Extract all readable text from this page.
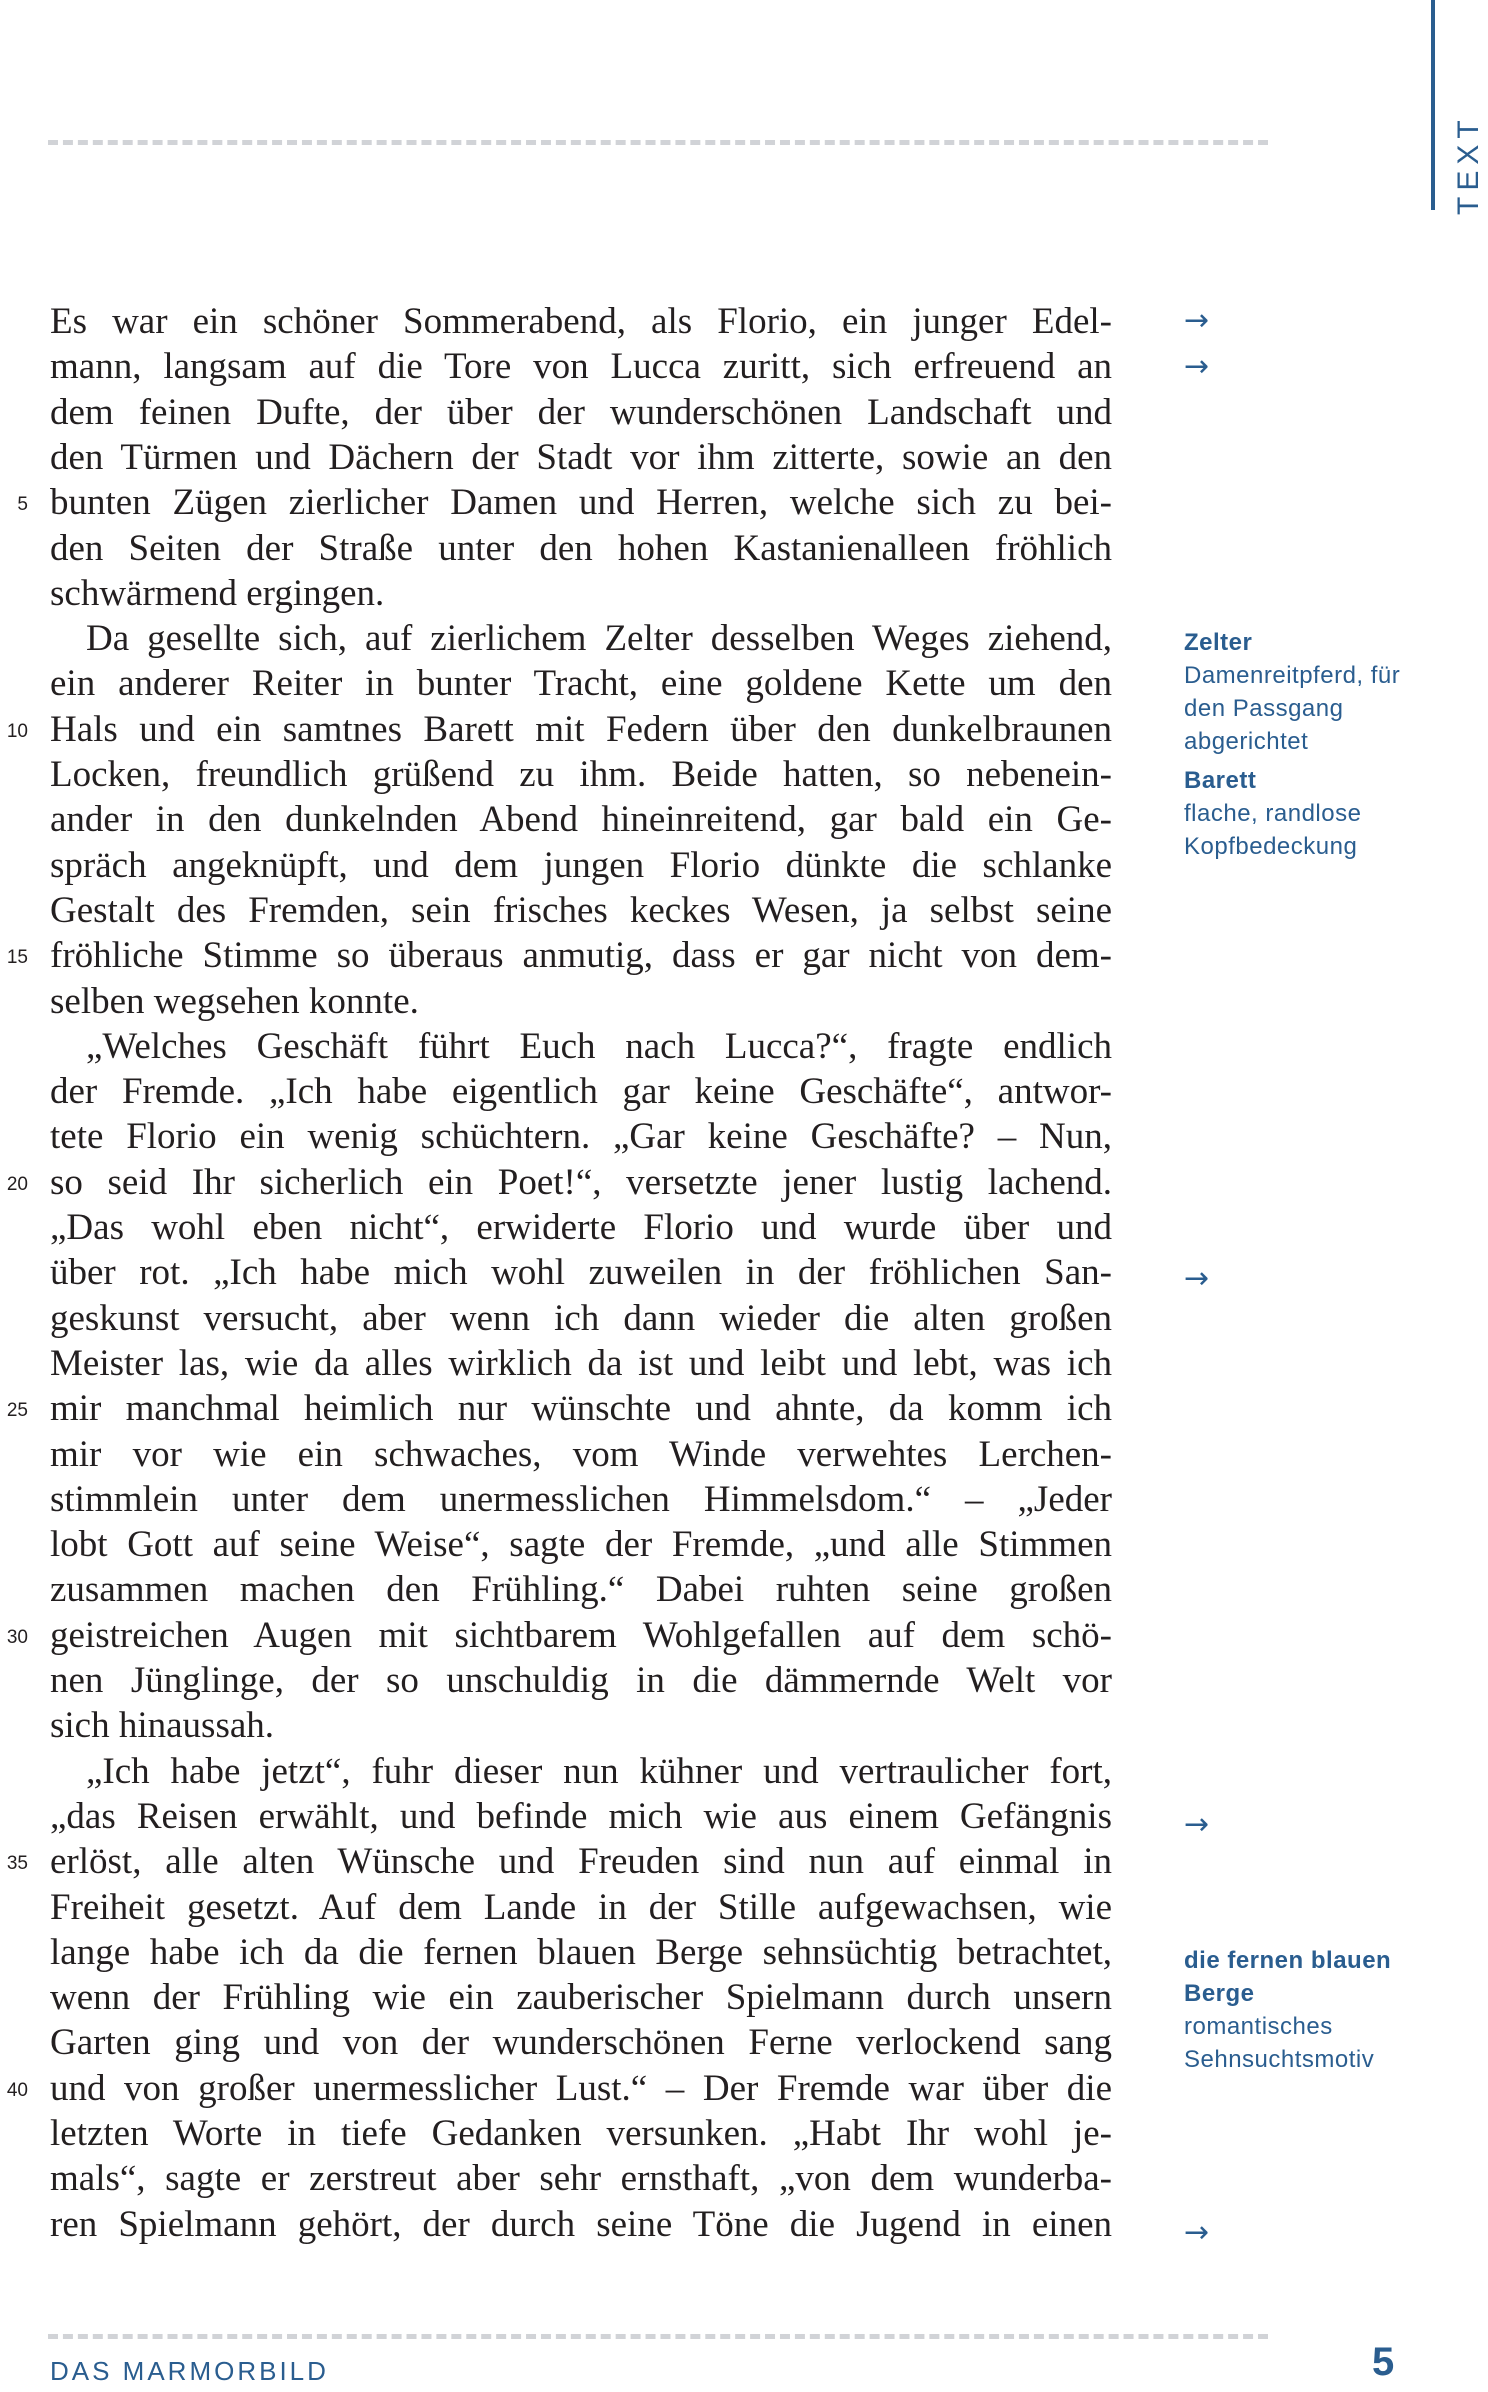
TEXT
Es war ein schöner Sommerabend, als Florio, ein junger Edel-
mann, langsam auf die Tore von Lucca zuritt, sich erfreuend an
dem feinen Dufte, der über der wunderschönen Landschaft und
den Türmen und Dächern der Stadt vor ihm zitterte, sowie an den
bunten Zügen zierlicher Damen und Herren, welche sich zu bei-
den Seiten der Straße unter den hohen Kastanienalleen fröhlich
schwärmend ergingen.
Da gesellte sich, auf zierlichem Zelter desselben Weges ziehend,
ein anderer Reiter in bunter Tracht, eine goldene Kette um den
Hals und ein samtnes Barett mit Federn über den dunkelbraunen
Locken, freundlich grüßend zu ihm. Beide hatten, so nebenein-
ander in den dunkelnden Abend hineinreitend, gar bald ein Ge-
spräch angeknüpft, und dem jungen Florio dünkte die schlanke
Gestalt des Fremden, sein frisches keckes Wesen, ja selbst seine
fröhliche Stimme so überaus anmutig, dass er gar nicht von dem-
selben wegsehen konnte.
„Welches Geschäft führt Euch nach Lucca?“, fragte endlich
der Fremde. „Ich habe eigentlich gar keine Geschäfte“, antwor-
tete Florio ein wenig schüchtern. „Gar keine Geschäfte? – Nun,
so seid Ihr sicherlich ein Poet!“, versetzte jener lustig lachend.
„Das wohl eben nicht“, erwiderte Florio und wurde über und
über rot. „Ich habe mich wohl zuweilen in der fröhlichen San-
geskunst versucht, aber wenn ich dann wieder die alten großen
Meister las, wie da alles wirklich da ist und leibt und lebt, was ich
mir manchmal heimlich nur wünschte und ahnte, da komm ich
mir vor wie ein schwaches, vom Winde verwehtes Lerchen-
stimmlein unter dem unermesslichen Himmelsdom.“ – „Jeder
lobt Gott auf seine Weise“, sagte der Fremde, „und alle Stimmen
zusammen machen den Frühling.“ Dabei ruhten seine großen
geistreichen Augen mit sichtbarem Wohlgefallen auf dem schö-
nen Jünglinge, der so unschuldig in die dämmernde Welt vor
sich hinaussah.
„Ich habe jetzt“, fuhr dieser nun kühner und vertraulicher fort,
„das Reisen erwählt, und befinde mich wie aus einem Gefängnis
erlöst, alle alten Wünsche und Freuden sind nun auf einmal in
Freiheit gesetzt. Auf dem Lande in der Stille aufgewachsen, wie
lange habe ich da die fernen blauen Berge sehnsüchtig betrachtet,
wenn der Frühling wie ein zauberischer Spielmann durch unsern
Garten ging und von der wunderschönen Ferne verlockend sang
und von großer unermesslicher Lust.“ – Der Fremde war über die
letzten Worte in tiefe Gedanken versunken. „Habt Ihr wohl je-
mals“, sagte er zerstreut aber sehr ernsthaft, „von dem wunderba-
ren Spielmann gehört, der durch seine Töne die Jugend in einen
5
10
15
20
25
30
35
40
→
→
→
→
→
Zelter
Damenreitpferd, für den Passgang abgerichtet
Barett
flache, randlose Kopfbedeckung
die fernen blauen Berge
romantisches Sehnsuchtsmotiv
DAS MARMORBILD	5
